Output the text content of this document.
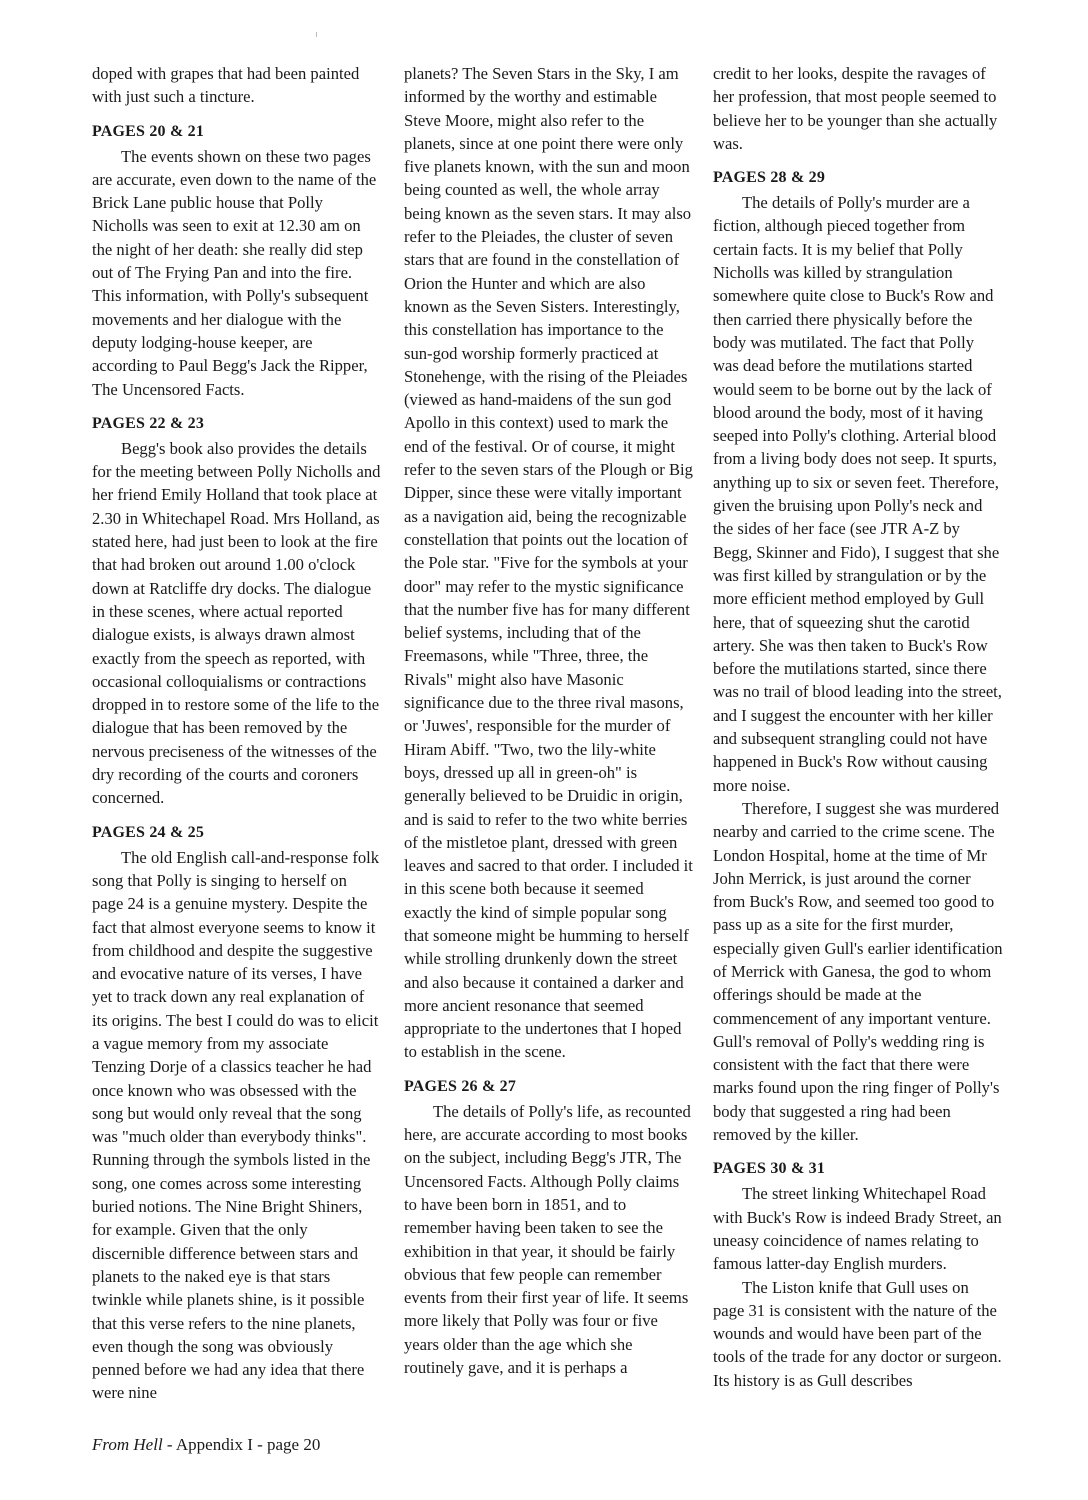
doped with grapes that had been painted with just such a tincture.

PAGES 20 & 21

The events shown on these two pages are accurate, even down to the name of the Brick Lane public house that Polly Nicholls was seen to exit at 12.30 am on the night of her death: she really did step out of The Frying Pan and into the fire. This information, with Polly's subsequent movements and her dialogue with the deputy lodging-house keeper, are according to Paul Begg's Jack the Ripper, The Uncensored Facts.

PAGES 22 & 23

Begg's book also provides the details for the meeting between Polly Nicholls and her friend Emily Holland that took place at 2.30 in Whitechapel Road. Mrs Holland, as stated here, had just been to look at the fire that had broken out around 1.00 o'clock down at Ratcliffe dry docks. The dialogue in these scenes, where actual reported dialogue exists, is always drawn almost exactly from the speech as reported, with occasional colloquialisms or contractions dropped in to restore some of the life to the dialogue that has been removed by the nervous preciseness of the witnesses of the dry recording of the courts and coroners concerned.

PAGES 24 & 25

The old English call-and-response folk song that Polly is singing to herself on page 24 is a genuine mystery. Despite the fact that almost everyone seems to know it from childhood and despite the suggestive and evocative nature of its verses, I have yet to track down any real explanation of its origins. The best I could do was to elicit a vague memory from my associate Tenzing Dorje of a classics teacher he had once known who was obsessed with the song but would only reveal that the song was "much older than everybody thinks". Running through the symbols listed in the song, one comes across some interesting buried notions. The Nine Bright Shiners, for example. Given that the only discernible difference between stars and planets to the naked eye is that stars twinkle while planets shine, is it possible that this verse refers to the nine planets, even though the song was obviously penned before we had any idea that there were nine

planets? The Seven Stars in the Sky, I am informed by the worthy and estimable Steve Moore, might also refer to the planets, since at one point there were only five planets known, with the sun and moon being counted as well, the whole array being known as the seven stars. It may also refer to the Pleiades, the cluster of seven stars that are found in the constellation of Orion the Hunter and which are also known as the Seven Sisters. Interestingly, this constellation has importance to the sun-god worship formerly practiced at Stonehenge, with the rising of the Pleiades (viewed as hand-maidens of the sun god Apollo in this context) used to mark the end of the festival. Or of course, it might refer to the seven stars of the Plough or Big Dipper, since these were vitally important as a navigation aid, being the recognizable constellation that points out the location of the Pole star. "Five for the symbols at your door" may refer to the mystic significance that the number five has for many different belief systems, including that of the Freemasons, while "Three, three, the Rivals" might also have Masonic significance due to the three rival masons, or 'Juwes', responsible for the murder of Hiram Abiff. "Two, two the lily-white boys, dressed up all in green-oh" is generally believed to be Druidic in origin, and is said to refer to the two white berries of the mistletoe plant, dressed with green leaves and sacred to that order. I included it in this scene both because it seemed exactly the kind of simple popular song that someone might be humming to herself while strolling drunkenly down the street and also because it contained a darker and more ancient resonance that seemed appropriate to the undertones that I hoped to establish in the scene.

PAGES 26 & 27

The details of Polly's life, as recounted here, are accurate according to most books on the subject, including Begg's JTR, The Uncensored Facts. Although Polly claims to have been born in 1851, and to remember having been taken to see the exhibition in that year, it should be fairly obvious that few people can remember events from their first year of life. It seems more likely that Polly was four or five years older than the age which she routinely gave, and it is perhaps a

credit to her looks, despite the ravages of her profession, that most people seemed to believe her to be younger than she actually was.

PAGES 28 & 29

The details of Polly's murder are a fiction, although pieced together from certain facts. It is my belief that Polly Nicholls was killed by strangulation somewhere quite close to Buck's Row and then carried there physically before the body was mutilated. The fact that Polly was dead before the mutilations started would seem to be borne out by the lack of blood around the body, most of it having seeped into Polly's clothing. Arterial blood from a living body does not seep. It spurts, anything up to six or seven feet. Therefore, given the bruising upon Polly's neck and the sides of her face (see JTR A-Z by Begg, Skinner and Fido), I suggest that she was first killed by strangulation or by the more efficient method employed by Gull here, that of squeezing shut the carotid artery. She was then taken to Buck's Row before the mutilations started, since there was no trail of blood leading into the street, and I suggest the encounter with her killer and subsequent strangling could not have happened in Buck's Row without causing more noise.

Therefore, I suggest she was murdered nearby and carried to the crime scene. The London Hospital, home at the time of Mr John Merrick, is just around the corner from Buck's Row, and seemed too good to pass up as a site for the first murder, especially given Gull's earlier identification of Merrick with Ganesa, the god to whom offerings should be made at the commencement of any important venture. Gull's removal of Polly's wedding ring is consistent with the fact that there were marks found upon the ring finger of Polly's body that suggested a ring had been removed by the killer.

PAGES 30 & 31

The street linking Whitechapel Road with Buck's Row is indeed Brady Street, an uneasy coincidence of names relating to famous latter-day English murders.

The Liston knife that Gull uses on page 31 is consistent with the nature of the wounds and would have been part of the tools of the trade for any doctor or surgeon. Its history is as Gull describes

From Hell - Appendix I - page 20
